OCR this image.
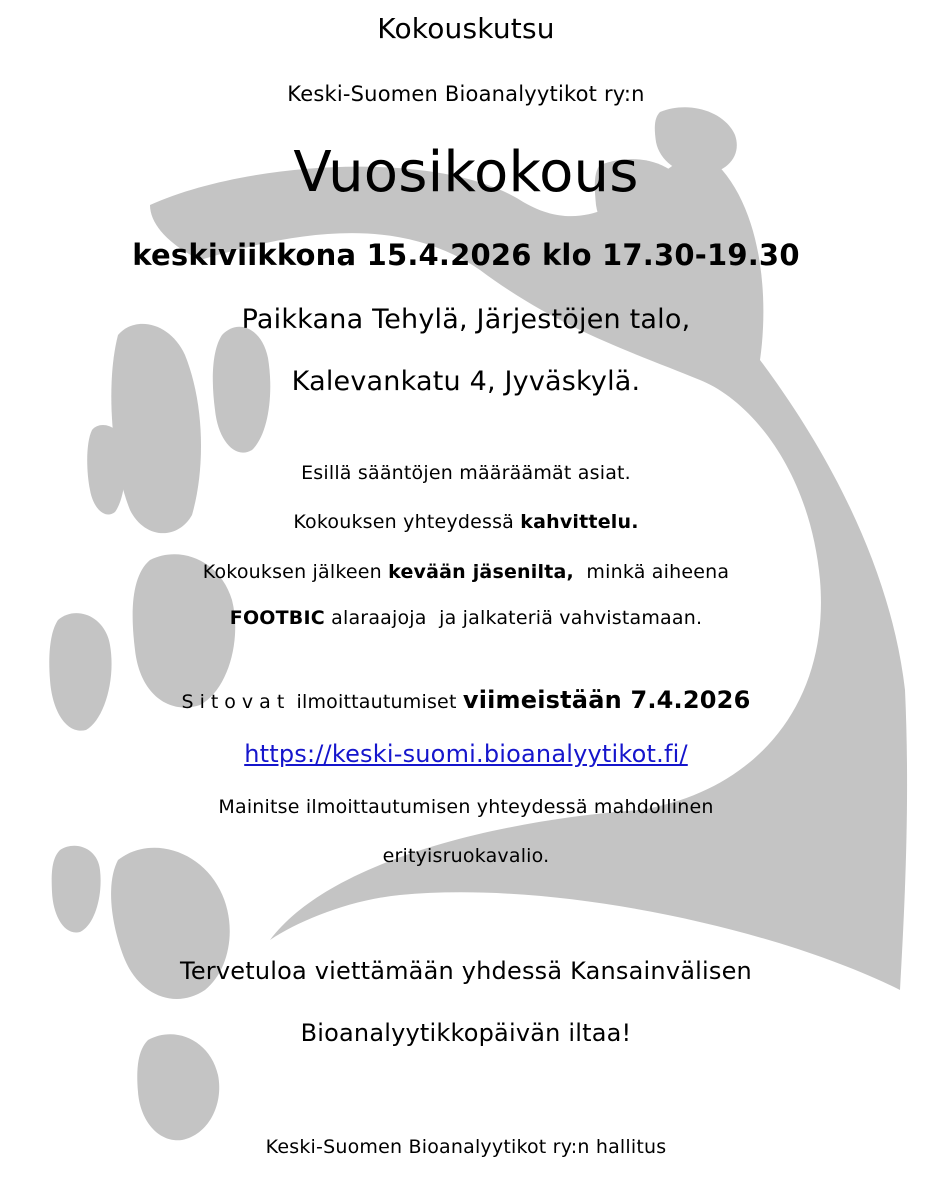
Kokouskutsu
Keski-Suomen Bioanalyytikot ry:n
Vuosikokous
keskiviikkona 15.4.2026 klo 17.30-19.30
Paikkana Tehylä, Järjestöjen talo,
Kalevankatu 4, Jyväskylä.
Esillä sääntöjen määräämät asiat.
Kokouksen yhteydessä kahvittelu.
Kokouksen jälkeen kevään jäsenilta,  minkä aiheena
FOOTBIC alaraajoja  ja jalkateriä vahvistamaan.
Sitovat ilmoittautumiset viimeistään 7.4.2026
https://keski-suomi.bioanalyytikot.fi/
Mainitse ilmoittautumisen yhteydessä mahdollinen
erityisruokavalio.
Tervetuloa viettämään yhdessä Kansainvälisen
Bioanalyytikkopäivän iltaa!
Keski-Suomen Bioanalyytikot ry:n hallitus
